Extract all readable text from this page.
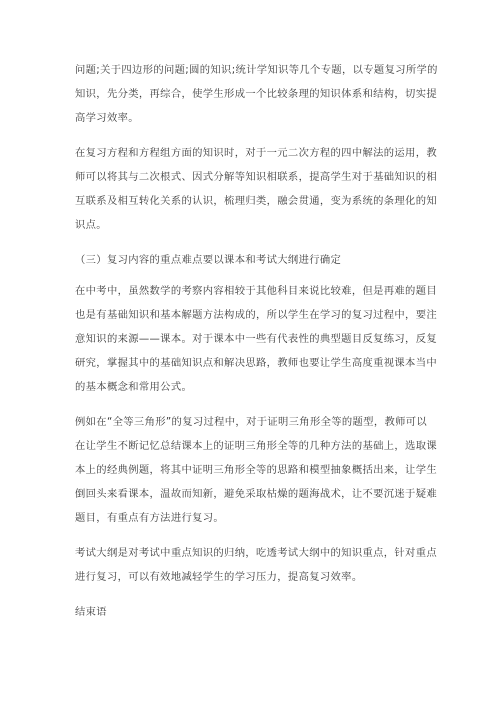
问题;关于四边形的问题;圆的知识;统计学知识等几个专题，以专题复习所学的
知识，先分类，再综合，使学生形成一个比较条理的知识体系和结构，切实提
高学习效率。
在复习方程和方程组方面的知识时，对于一元二次方程的四中解法的运用，教
师可以将其与二次根式、因式分解等知识相联系，提高学生对于基础知识的相
互联系及相互转化关系的认识，梳理归类，融会贯通，变为系统的条理化的知
识点。
（三）复习内容的重点难点要以课本和考试大纲进行确定
在中考中，虽然数学的考察内容相较于其他科目来说比较难，但是再难的题目
也是有基础知识和基本解题方法构成的，所以学生在学习的复习过程中，要注
意知识的来源——课本。对于课本中一些有代表性的典型题目反复练习，反复
研究，掌握其中的基础知识点和解决思路，教师也要让学生高度重视课本当中
的基本概念和常用公式。
例如在“全等三角形”的复习过程中，对于证明三角形全等的题型，教师可以
在让学生不断记忆总结课本上的证明三角形全等的几种方法的基础上，选取课
本上的经典例题，将其中证明三角形全等的思路和模型抽象概括出来，让学生
倒回头来看课本，温故而知新，避免采取枯燥的题海战术，让不要沉迷于疑难
题目，有重点有方法进行复习。
考试大纲是对考试中重点知识的归纳，吃透考试大纲中的知识重点，针对重点
进行复习，可以有效地减轻学生的学习压力，提高复习效率。
结束语
